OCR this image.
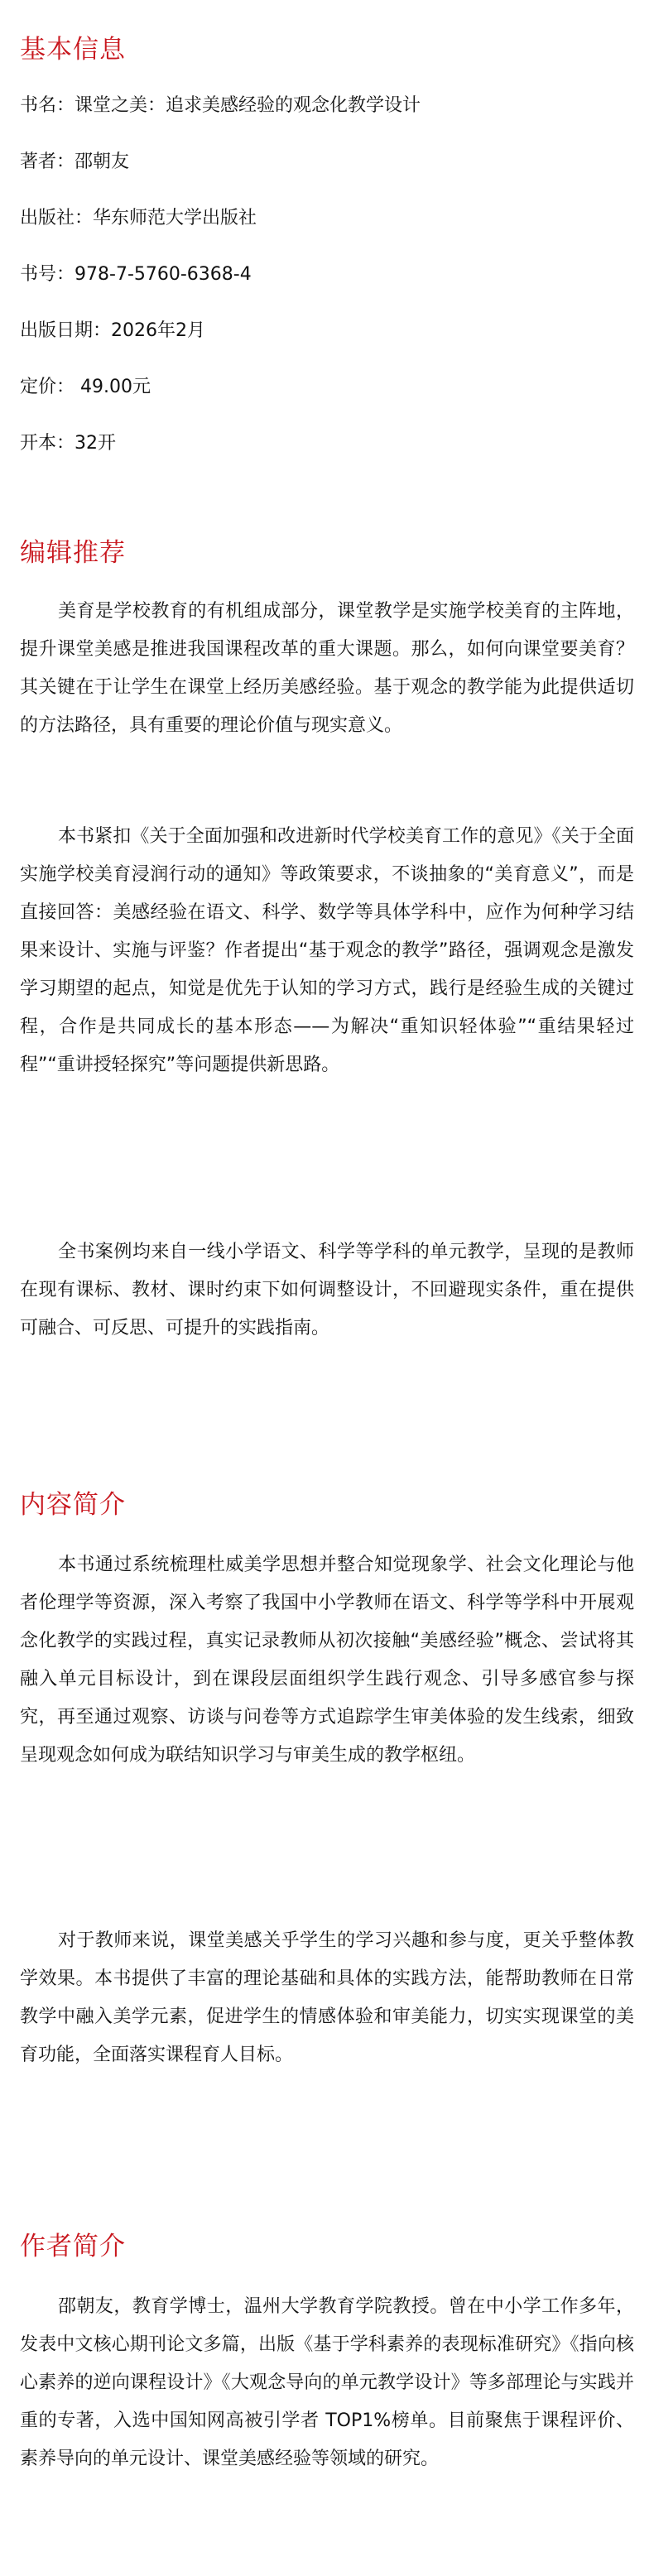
基本信息
书名：课堂之美：追求美感经验的观念化教学设计
著者：邵朝友
出版社：华东师范大学出版社
书号：978-7-5760-6368-4
出版日期：2026年2月
定价： 49.00元
开本：32开
编辑推荐

美育是学校教育的有机组成部分，课堂教学是实施学校美育的主阵地，提升课堂美感是推进我国课程改革的重大课题。那么，如何向课堂要美育？其关键在于让学生在课堂上经历美感经验。基于观念的教学能为此提供适切的方法路径，具有重要的理论价值与现实意义。

本书紧扣《关于全面加强和改进新时代学校美育工作的意见》《关于全面实施学校美育浸润行动的通知》等政策要求，不谈抽象的“美育意义”，而是直接回答：美感经验在语文、科学、数学等具体学科中，应作为何种学习结果来设计、实施与评鉴？作者提出“基于观念的教学”路径，强调观念是激发学习期望的起点，知觉是优先于认知的学习方式，践行是经验生成的关键过程，合作是共同成长的基本形态——为解决“重知识轻体验”“重结果轻过程”“重讲授轻探究”等问题提供新思路。

全书案例均来自一线小学语文、科学等学科的单元教学，呈现的是教师在现有课标、教材、课时约束下如何调整设计，不回避现实条件，重在提供可融合、可反思、可提升的实践指南。

内容简介

本书通过系统梳理杜威美学思想并整合知觉现象学、社会文化理论与他者伦理学等资源，深入考察了我国中小学教师在语文、科学等学科中开展观念化教学的实践过程，真实记录教师从初次接触“美感经验”概念、尝试将其融入单元目标设计，到在课段层面组织学生践行观念、引导多感官参与探究，再至通过观察、访谈与问卷等方式追踪学生审美体验的发生线索，细致呈现观念如何成为联结知识学习与审美生成的教学枢纽。

对于教师来说，课堂美感关乎学生的学习兴趣和参与度，更关乎整体教学效果。本书提供了丰富的理论基础和具体的实践方法，能帮助教师在日常教学中融入美学元素，促进学生的情感体验和审美能力，切实实现课堂的美育功能，全面落实课程育人目标。

作者简介

邵朝友，教育学博士，温州大学教育学院教授。曾在中小学工作多年，发表中文核心期刊论文多篇，出版《基于学科素养的表现标准研究》《指向核心素养的逆向课程设计》《大观念导向的单元教学设计》等多部理论与实践并重的专著，入选中国知网高被引学者 TOP1%榜单。目前聚焦于课程评价、素养导向的单元设计、课堂美感经验等领域的研究。
